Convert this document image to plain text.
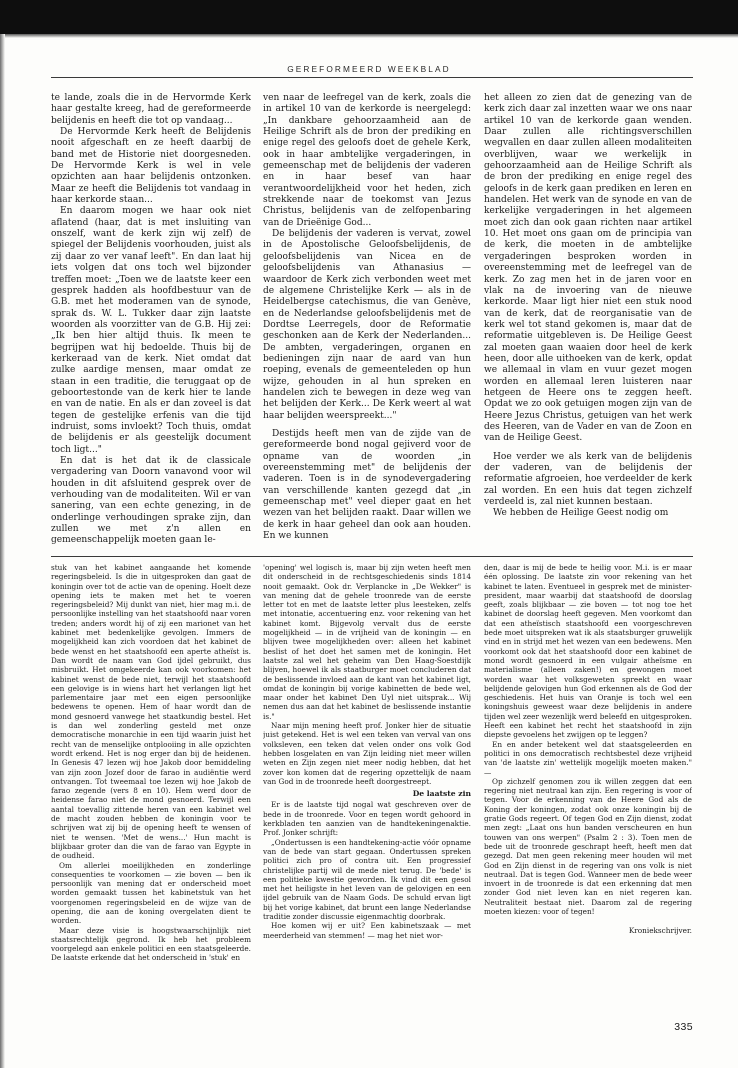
GEREFORMEERD WEEKBLAD

te lande, zoals die in de Hervormde Kerk haar gestalte kreeg, had de gereformeerde belijdenis en heeft die tot op vandaag...

De Hervormde Kerk heeft de Belijdenis nooit afgeschaft en ze heeft daarbij de band met de Historie niet doorgesneden. De Hervormde Kerk is wel in vele opzichten aan haar belijdenis ontzonken. Maar ze heeft die Belijdenis tot vandaag in haar kerkorde staan...

En daarom mogen we haar ook niet aflatend (haar, dat is met insluiting van onszelf, want de kerk zijn wij zelf) de spiegel der Belijdenis voorhouden, juist als zij daar zo ver vanaf leeft". En dan laat hij iets volgen dat ons toch wel bijzonder treffen moet: „Toen we de laatste keer een gesprek hadden als hoofdbestuur van de G.B. met het moderamen van de synode, sprak ds. W. L. Tukker daar zijn laatste woorden als voorzitter van de G.B. Hij zei: „Ik ben hier altijd thuis. Ik meen te begrijpen wat hij bedoelde. Thuis bij de kerkeraad van de kerk. Niet omdat dat zulke aardige mensen, maar omdat ze staan in een traditie, die teruggaat op de geboortestonde van de kerk hier te lande en van de natie. En als er dan zoveel is dat tegen de gestelijke erfenis van die tijd indruist, soms invloekt? Toch thuis, omdat de belijdenis er als geestelijk document toch ligt..."

En dat is het dat ik de classicale vergadering van Doorn vanavond voor wil houden in dit afsluitend gesprek over de verhouding van de modaliteiten. Wil er van sanering, van een echte genezing, in de onderlinge verhoudingen sprake zijn, dan zullen we met z'n allen en gemeenschappelijk moeten gaan le-

ven naar de leefregel van de kerk, zoals die in artikel 10 van de kerkorde is neergelegd: „In dankbare gehoorzaamheid aan de Heilige Schrift als de bron der prediking en enige regel des geloofs doet de gehele Kerk, ook in haar ambtelijke vergaderingen, in gemeenschap met de belijdenis der vaderen en in haar besef van haar verantwoordelijkheid voor het heden, zich strekkende naar de toekomst van Jezus Christus, belijdenis van de zelfopenbaring van de Drieënige God...

De belijdenis der vaderen is vervat, zowel in de Apostolische Geloofsbelijdenis, de geloofsbelijdenis van Nicea en de geloofsbelijdenis van Athanasius — waardoor de Kerk zich verbonden weet met de algemene Christelijke Kerk — als in de Heidelbergse catechismus, die van Genève, en de Nederlandse geloofsbelijdenis met de Dordtse Leerregels, door de Reformatie geschonken aan de Kerk der Nederlanden... De ambten, vergaderingen, organen en bedieningen zijn naar de aard van hun roeping, evenals de gemeenteleden op hun wijze, gehouden in al hun spreken en handelen zich te bewegen in deze weg van het belijden der Kerk... De Kerk weert al wat haar belijden weerspreekt..."

Destijds heeft men van de zijde van de gereformeerde bond nogal gejiverd voor de opname van de woorden „in overeenstemming met" de belijdenis der vaderen. Toen is in de synodevergadering van verschillende kanten gezegd dat „in gemeenschap met" veel dieper gaat en het wezen van het belijden raakt. Daar willen we de kerk in haar geheel dan ook aan houden. En we kunnen

het alleen zo zien dat de genezing van de kerk zich daar zal inzetten waar we ons naar artikel 10 van de kerkorde gaan wenden. Daar zullen alle richtingsverschillen wegvallen en daar zullen alleen modaliteiten overblijven, waar we werkelijk in gehoorzaamheid aan de Heilige Schrift als de bron der prediking en enige regel des geloofs in de kerk gaan prediken en leren en handelen. Het werk van de synode en van de kerkelijke vergaderingen in het algemeen moet zich dan ook gaan richten naar artikel 10. Het moet ons gaan om de principia van de kerk, die moeten in de ambtelijke vergaderingen besproken worden in overeenstemming met de leefregel van de kerk. Zo zag men het in de jaren voor en vlak na de invoering van de nieuwe kerkorde. Maar ligt hier niet een stuk nood van de kerk, dat de reorganisatie van de kerk wel tot stand gekomen is, maar dat de reformatie uitgebleven is. De Heilige Geest zal moeten gaan waaien door heel de kerk heen, door alle uithoeken van de kerk, opdat we allemaal in vlam en vuur gezet mogen worden en allemaal leren luisteren naar hetgeen de Heere ons te zeggen heeft. Opdat we zo ook getuigen mogen zijn van de Heere Jezus Christus, getuigen van het werk des Heeren, van de Vader en van de Zoon en van de Heilige Geest.

Hoe verder we als kerk van de belijdenis der vaderen, van de belijdenis der reformatie afgroeien, hoe verdeelder de kerk zal worden. En een huis dat tegen zichzelf verdeeld is, zal niet kunnen bestaan.

We hebben de Heilige Geest nodig om

stuk van het kabinet aangaande het komende regeringsbeleid. Is die in uitgesproken dan gaat de koningin over tot de actie van de opening. Hoelt deze opening iets te maken met het te voeren regeringsbeleid? Mij dunkt van niet, hier mag m.i. de persoonlijke instelling van het staatshoofd naar voren treden; anders wordt hij of zij een marionet van het kabinet met bedenkelijke gevolgen. Immers de mogelijkheid kan zich voordoen dat het kabinet de bede wenst en het staatshoofd een aperte atheïst is. Dan wordt de naam van God ijdel gebruikt, dus misbruikt. Het omgekeerde kan ook voorkomen: het kabinet wenst de bede niet, terwijl het staatshoofd een gelovige is in wiens hart het verlangen ligt het parlementaire jaar met een eigen persoonlijke bedewens te openen. Hem of haar wordt dan de mond gesnoerd vanwege het staatkundig bestel. Het is dan wel zonderling gesteld met onze democratische monarchie in een tijd waarin juist het recht van de menselijke ontplooiing in alle opzichten wordt erkend. Het is nog erger dan bij de heidenen. In Genesis 47 lezen wij hoe Jakob door bemiddeling van zijn zoon Jozef door de farao in audiëntie werd ontvangen. Tot tweemaal toe lezen wij hoe Jakob de farao zegende (vers 8 en 10). Hem werd door de heidense farao niet de mond gesnoerd. Terwijl een aantal toevallig zittende heren van een kabinet wel de macht zouden hebben de koningin voor te schrijven wat zij bij de opening heeft te wensen of niet te wensen. 'Met de wens...' Hun macht is blijkbaar groter dan die van de farao van Egypte in de oudheid.

Om allerlei moeilijkheden en zonderlinge consequenties te voorkomen — zie boven — ben ik persoonlijk van mening dat er onderscheid moet worden gemaakt tussen het kabinetstuk van het voorgenomen regeringsbeleid en de wijze van de opening, die aan de koning overgelaten dient te worden.

Maar deze visie is hoogstwaarschijnlijk niet staatsrechtelijk gegrond. Ik heb het probleem voorgelegd aan enkele politici en een staatsgeleerde. De laatste erkende dat het onderscheid in 'stuk' en

'opening' wel logisch is, maar bij zijn weten heeft men dit onderscheid in de rechtsgeschiedenis sinds 1814 nooit gemaakt. Ook dr. Verplancke in „De Wekker" is van mening dat de gehele troonrede van de eerste letter tot en met de laatste letter plus leesteken, zelfs met intonatie, accentuering enz. voor rekening van het kabinet komt. Bijgevolg vervalt dus de eerste mogelijkheid — in de vrijheid van de koningin — en blijven twee mogelijkheden over: alleen het kabinet beslist of het doet het samen met de koningin. Het laatste zal wel het geheim van Den Haag-Soestdijk blijven, hoewel ik als staatburger moet concluderen dat de beslissende invloed aan de kant van het kabinet ligt, omdat de koningin bij vorige kabinetten de bede wel, maar onder het kabinet Den Uyl niet uitsprak... Wij nemen dus aan dat het kabinet de beslissende instantie is."

Naar mijn mening heeft prof. Jonker hier de situatie juist getekend. Het is wel een teken van verval van ons volksleven, een teken dat velen onder ons volk God hebben losgelaten en van Zijn leiding niet meer willen weten en Zijn zegen niet meer nodig hebben, dat het zover kon komen dat de regering opzettelijk de naam van God in de troonrede heeft doorgestreept.

De laatste zin

Er is de laatste tijd nogal wat geschreven over de bede in de troonrede. Voor en tegen wordt gehoord in kerkbladen ten aanzien van de handtekeningenaktie. Prof. Jonker schrijft:

„Ondertussen is een handtekening-actie vóór opname van de bede van start gegaan. Ondertussen spreken politici zich pro of contra uit. Een progressief christelijke partij wil de mede niet terug. De 'bede' is een politieke kwestie geworden. Ik vind dit een gesol met het heiligste in het leven van de gelovigen en een ijdel gebruik van de Naam Gods. De schuld ervan ligt bij het vorige kabinet, dat brunt een lange Nederlandse traditie zonder discussie eigenmachtig doorbrak.

Hoe komen wij er uit? Een kabinetszaak — met meerderheid van stemmen! — mag het niet wor-

den, daar is mij de bede te heilig voor. M.i. is er maar één oplossing. De laatste zin voor rekening van het kabinet te laten. Eventueel in gesprek met de minister-president, maar waarbij dat staatshoofd de doorslag geeft, zoals blijkbaar — zie boven — tot nog toe het kabinet de doorslag heeft gegeven. Men voorkomt dan dat een atheïstisch staatshoofd een voorgeschreven bede moet uitspreken wat ik als staatsburger gruwelijk vind en in strijd met het wezen van een bedewens. Men voorkomt ook dat het staatshoofd door een kabinet de mond wordt gesnoerd in een vulgair atheïsme en materialisme (alleen zaken!) en gewongen moet worden waar het volksgeweten spreekt en waar belijdende gelovigen hun God erkennen als de God der geschiedenis. Het huis van Oranje is toch wel een koningshuis geweest waar deze belijdenis in andere tijden wel zeer wezenlijk werd beleefd en uitgesproken. Heeft een kabinet het recht het staatshoofd in zijn diepste gevoelens het zwijgen op te leggen?

En en ander betekent wel dat staatsgeleerden en politici in ons democratisch rechtsbestel deze vrijheid van 'de laatste zin' wettelijk mogelijk moeten maken." —

Op zichzelf genomen zou ik willen zeggen dat een regering niet neutraal kan zijn. Een regering is voor of tegen. Voor de erkenning van de Heere God als de Koning der koningen, zodat ook onze koningin bij de gratie Gods regeert. Of tegen God en Zijn dienst, zodat men zegt: „Laat ons hun banden verscheuren en hun touwen van ons werpen" (Psalm 2 : 3). Toen men de bede uit de troonrede geschrapt heeft, heeft men dat gezegd. Dat men geen rekening meer houden wil met God en Zijn dienst in de regering van ons volk is niet neutraal. Dat is tegen God. Wanneer men de bede weer invoert in de troonrede is dat een erkenning dat men zonder God niet leven kan en niet regeren kan. Neutraliteit bestaat niet. Daarom zal de regering moeten kiezen: voor of tegen!

Kroniekschrijver.

335
